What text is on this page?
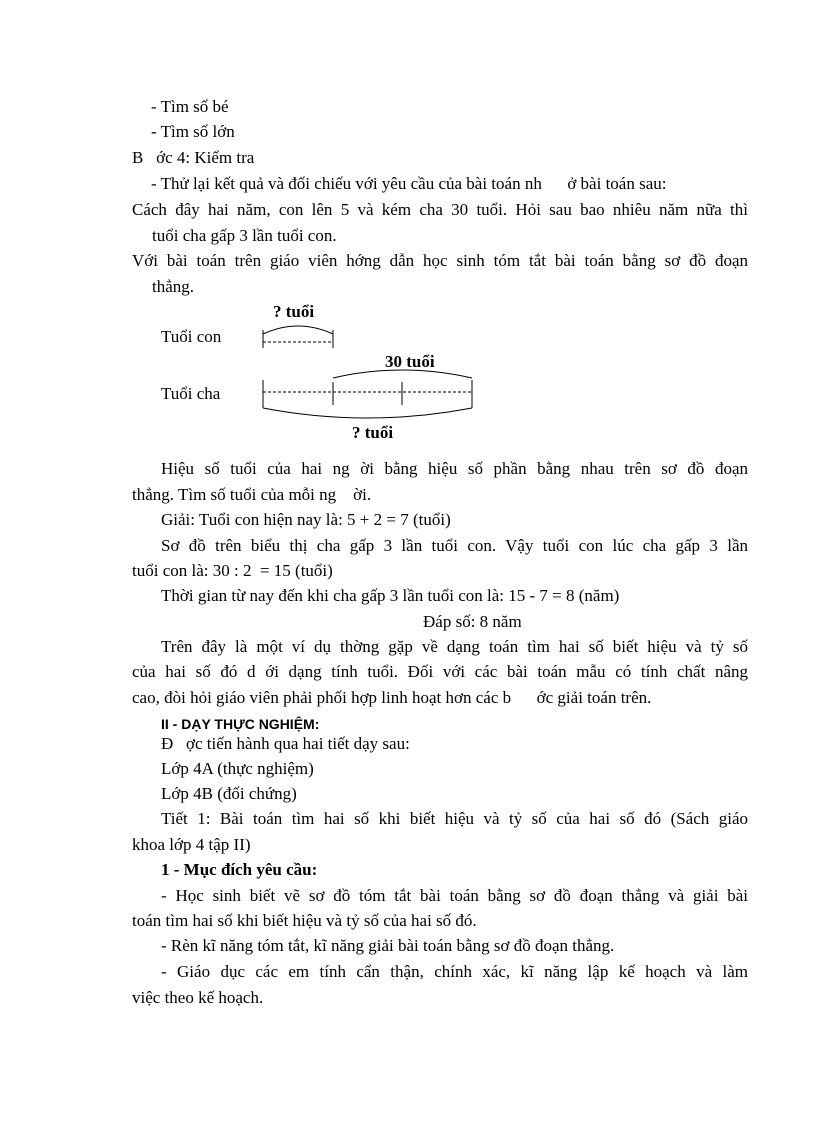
- Tìm số bé
- Tìm số lớn
B   ớc 4: Kiểm tra
- Thử lại kết quả và đối chiếu với yêu cầu của bài toán nh      ở bài toán sau:
Cách đây hai năm, con lên 5 và kém cha 30 tuổi. Hỏi sau bao nhiêu năm nữa thì
tuổi cha gấp 3 lần tuổi con.
Với bài toán trên giáo viên hớng dẫn học sinh tóm tắt bài toán bằng sơ đồ đoạn
thẳng.
? tuổi
Tuổi con
30 tuổi
Tuổi cha
? tuổi
Hiệu số tuổi của hai ng ời bằng hiệu số phần bằng nhau trên sơ đồ đoạn
thẳng. Tìm số tuổi của mỗi ng    ời.
Giải: Tuổi con hiện nay là: 5 + 2 = 7 (tuổi)
Sơ đồ trên biểu thị cha gấp 3 lần tuổi con. Vậy tuổi con lúc cha gấp 3 lần
tuổi con là: 30 : 2  = 15 (tuổi)
Thời gian từ nay đến khi cha gấp 3 lần tuổi con là: 15 - 7 = 8 (năm)
Đáp số: 8 năm
Trên đây là một ví dụ thờng gặp về dạng toán tìm hai số biết hiệu và tỷ số
của hai số đó d ới dạng tính tuổi. Đối với các bài toán mẫu có tính chất nâng
cao, đòi hỏi giáo viên phải phối hợp linh hoạt hơn các b      ớc giải toán trên.
II - DẠY THỰC NGHIỆM:
Đ   ợc tiến hành qua hai tiết dạy sau:
Lớp 4A (thực nghiệm)
Lớp 4B (đối chứng)
Tiết 1: Bài toán tìm hai số khi biết hiệu và tỷ số của hai số đó (Sách giáo
khoa lớp 4 tập II)
1 - Mục đích yêu cầu:
- Học sinh biết vẽ sơ đồ tóm tắt bài toán bằng sơ đồ đoạn thẳng và giải bài
toán tìm hai số khi biết hiệu và tỷ số của hai số đó.
- Rèn kĩ năng tóm tắt, kĩ năng giải bài toán bằng sơ đồ đoạn thẳng.
- Giáo dục các em tính cẩn thận, chính xác, kĩ năng lập kế hoạch và làm
việc theo kế hoạch.
